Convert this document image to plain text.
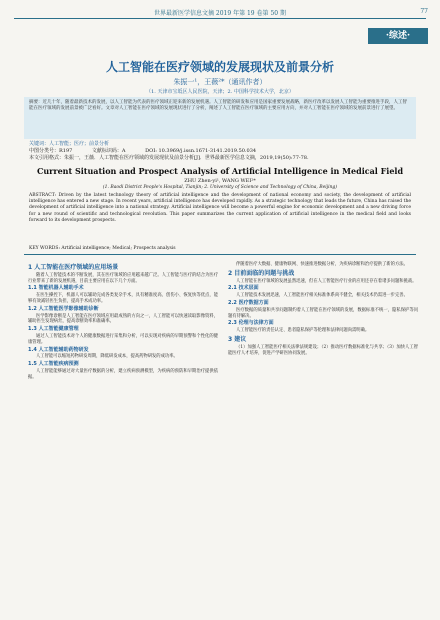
世界最新医学信息文摘 2019 年第 19 卷第 50 期	77
·综述·
人工智能在医疗领域的发展现状及前景分析
朱振一¹，王薇²*（通讯作者）
（1. 天津市宝坻区人民医院，天津；2. 中国科学技术大学，北京）
摘要：近几十年，随着最新技术的发展，以人工智能为代表的医疗领域正迎来新的发展机遇。人工智能的研发和应用是国家重要发展战略，新医疗改革以发展人工智能为重要推进手段，人工智能在医疗领域的发展前景被广泛看好。文章对人工智能在医疗领域的发展现状进行了分析，阐述了人工智能在医疗领域的主要应用方向，并对人工智能在医疗领域的发展前景进行了展望。
关键词：人工智能；医疗；前景分析
中图分类号：R197	文献标识码：A	DOI: 10.3969/j.issn.1671-3141.2019.50.034
本文引用格式：朱振一，王薇．人工智能在医疗领域的发展现状及前景分析[J]．世界最新医学信息文摘，2019,19(50):77-78.
Current Situation and Prospect Analysis of Artificial Intelligence in Medical Field
ZHU Zhen-yi¹, WANG WEI²*
(1. Baodi District People's Hospital, Tianjin; 2. University of Science and Technology of China, Beijing)
ABSTRACT: Driven by the latest technology theory of artificial intelligence and the development of national economy and society, the development of artificial intelligence has entered a new stage. In recent years, artificial intelligence has developed rapidly. As a strategic technology that leads the future, China has raised the development of artificial intelligence into a national strategy. Artificial intelligence will become a powerful engine for economic development and a new driving force for a new round of scientific and technological revolution. This paper summarizes the current application of artificial intelligence in the medical field and looks forward to its development prospects.
KEY WORDS: Artificial intelligence; Medical; Prospects analysis
1 人工智能在医疗领域的应用场景
随着人工智能技术的不断发展，其在医疗领域的应用越来越广泛。人工智能与医疗的结合为医疗行业带来了新的发展机遇，目前主要应用在以下几个方面。
1.1 智能机器人辅助手术
在医生操控下，机器人可以辅助完成各类复杂手术，具有精准度高、创伤小、恢复快等优点，能够有效减轻医生负担，提高手术成功率。
1.2 人工智能医学影像辅助诊断
医学影像诊断是人工智能在医疗领域应用最成熟的方向之一，人工智能可以快速读取影像资料，辅助医生发现病灶，提高诊断效率和准确率。
1.3 人工智能健康管理
通过人工智能技术对个人的健康数据进行采集和分析，可以实现对疾病的早期预警和个性化的健康管理。
1.4 人工智能辅助药物研发
人工智能可以缩短药物研发周期，降低研发成本，提高药物研发的成功率。
1.5 人工智能疾病预测
人工智能能够通过对大量医疗数据的分析，建立疾病预测模型，为疾病的预防和早期治疗提供依据。
伴随着医疗大数据、健康物联网、快速推进数据分析，为疾病诊断和治疗提供了新的方法。
2 目前面临的问题与挑战
人工智能在医疗领域的发展虽然迅速，但在人工智能医疗行业的应用还存在着诸多问题和挑战。
2.1 技术层面
人工智能技术发展迅速，人工智能医疗相关标准体系尚不健全，相关技术仍需进一步完善。
2.2 医疗数据方面
医疗数据的质量和共享问题制约着人工智能在医疗领域的发展，数据标准不统一，隐私保护等问题有待解决。
2.3 伦理与法律方面
人工智能医疗的责任认定、患者隐私保护等伦理和法律问题尚需明确。
3 建议
（1）加强人工智能医疗相关法律法规建设；（2）推动医疗数据标准化与共享；（3）加快人工智能医疗人才培养，促进产学研医协同发展。
